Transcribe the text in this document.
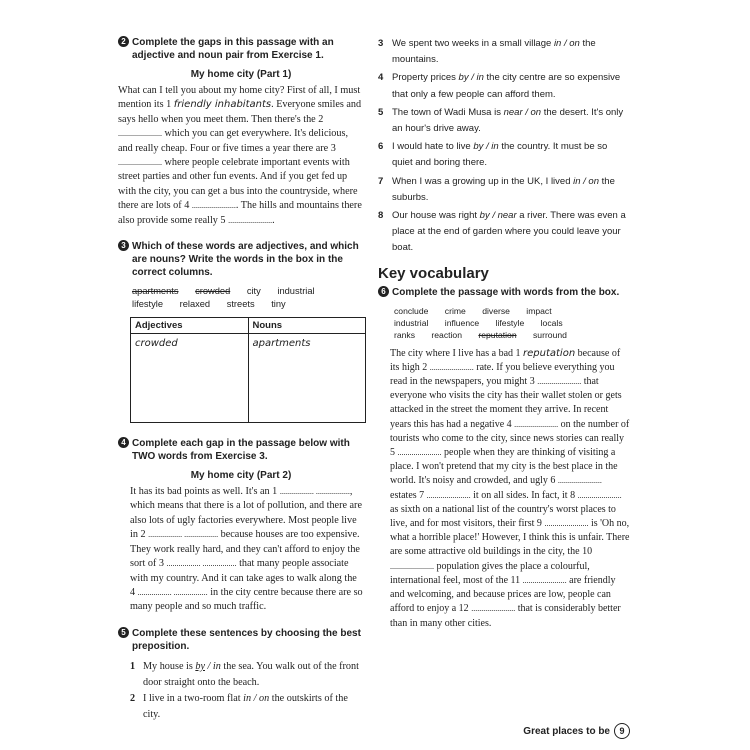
2 Complete the gaps in this passage with an adjective and noun pair from Exercise 1.
My home city (Part 1)

What can I tell you about my home city? First of all, I must mention its 1 friendly inhabitants. Everyone smiles and says hello when you meet them. Then there's the 2 ...................... which you can get everywhere. It's delicious, and really cheap. Four or five times a year there are 3 ...................... where people celebrate important events with street parties and other fun events. And if you get fed up with the city, you can get a bus into the countryside, where there are lots of 4 ....................... The hills and mountains there also provide some really 5 .......................

3 Which of these words are adjectives, and which are nouns? Write the words in the box in the correct columns.
apartments crowded city industrial
lifestyle relaxed streets tiny
Adjectives	Nouns
crowded	apartments
4 Complete each gap in the passage below with TWO words from Exercise 3.
My home city (Part 2)

It has its bad points as well. It's an 1 ................. ................., which means that there is a lot of pollution, and there are also lots of ugly factories everywhere. Most people live in 2 ................. ................. because houses are too expensive. They work really hard, and they can't afford to enjoy the sort of 3 ................. ................. that many people associate with my country. And it can take ages to walk along the 4 ................. ................. in the city centre because there are so many people and so much traffic.

5 Complete these sentences by choosing the best preposition.

1 My house is by / in the sea. You walk out of the front door straight onto the beach.

2 I live in a two-room flat in / on the outskirts of the city.

3 We spent two weeks in a small village in / on the mountains.

4 Property prices by / in the city centre are so expensive that only a few people can afford them.

5 The town of Wadi Musa is near / on the desert. It's only an hour's drive away.

6 I would hate to live by / in the country. It must be so quiet and boring there.

7 When I was a growing up in the UK, I lived in / on the suburbs.

8 Our house was right by / near a river. There was even a place at the end of garden where you could leave your boat.

Key vocabulary
6 Complete the passage with words from the box.
conclude crime diverse impact
industrial influence lifestyle locals
ranks reaction reputation surround

The city where I live has a bad 1 reputation because of its high 2 ...................... rate. If you believe everything you read in the newspapers, you might 3 ...................... that everyone who visits the city has their wallet stolen or gets attacked in the street the moment they arrive. In recent years this has had a negative 4 ...................... on the number of tourists who come to the city, since news stories can really 5 ...................... people when they are thinking of visiting a place. I won't pretend that my city is the best place in the world. It's noisy and crowded, and ugly 6 ...................... estates 7 ...................... it on all sides. In fact, it 8 ...................... as sixth on a national list of the country's worst places to live, and for most visitors, their first 9 ...................... is 'Oh no, what a horrible place!' However, I think this is unfair. There are some attractive old buildings in the city, the 10 ...................... population gives the place a colourful, international feel, most of the 11 ...................... are friendly and welcoming, and because prices are low, people can afford to enjoy a 12 ...................... that is considerably better than in many other cities.

Great places to be	9
